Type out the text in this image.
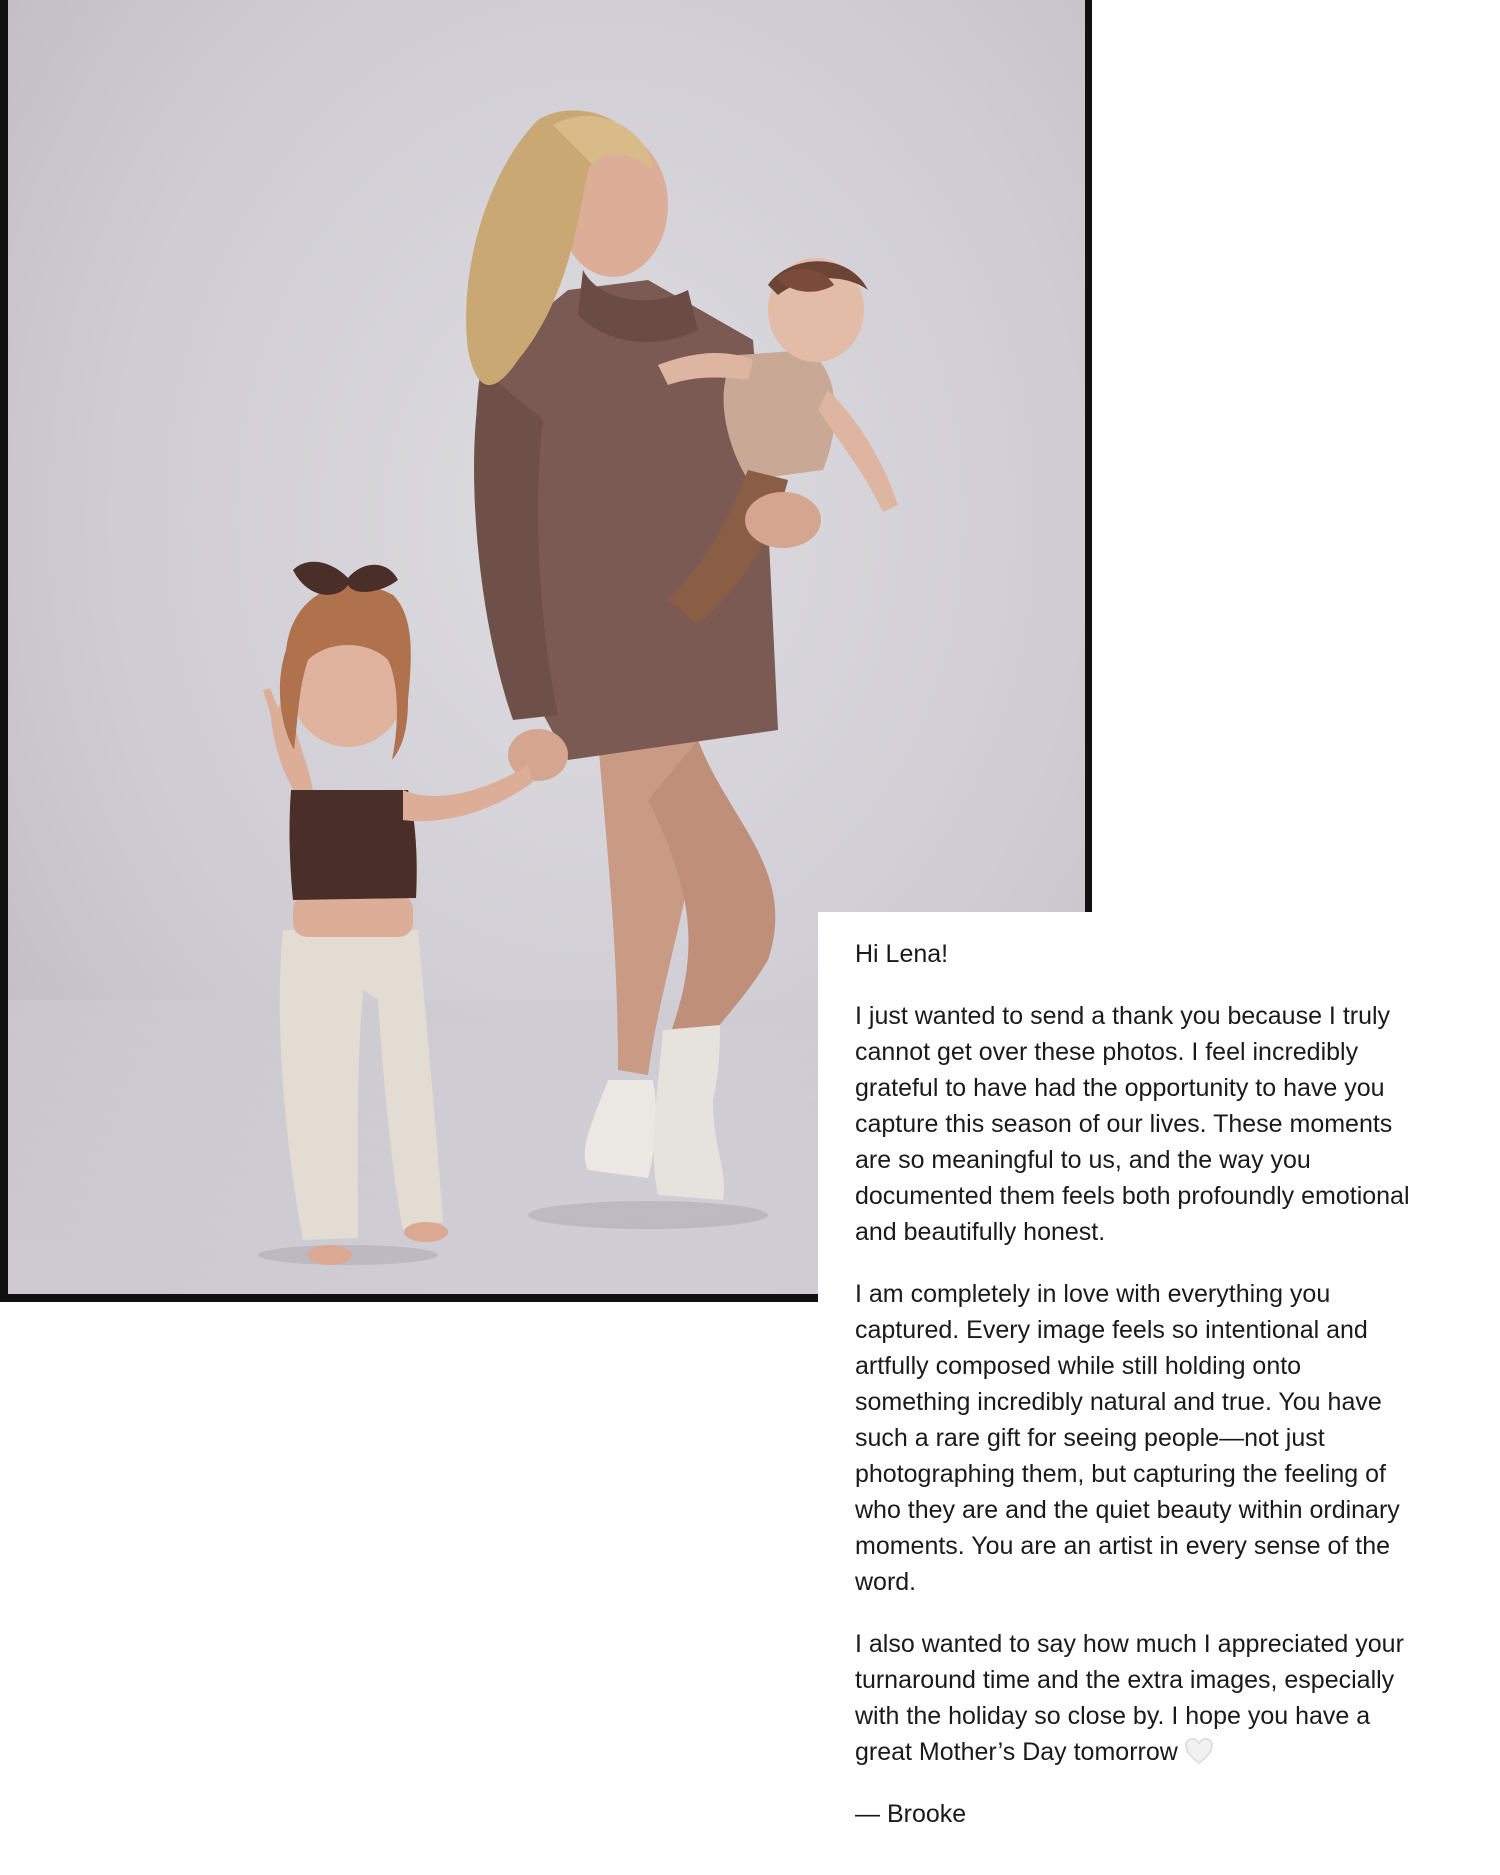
Hi Lena!

I just wanted to send a thank you because I truly cannot get over these photos. I feel incredibly grateful to have had the opportunity to have you capture this season of our lives. These moments are so meaningful to us, and the way you documented them feels both profoundly emotional and beautifully honest.

I am completely in love with everything you captured. Every image feels so intentional and artfully composed while still holding onto something incredibly natural and true. You have such a rare gift for seeing people—not just photographing them, but capturing the feeling of who they are and the quiet beauty within ordinary moments. You are an artist in every sense of the word.

I also wanted to say how much I appreciated your turnaround time and the extra images, especially with the holiday so close by. I hope you have a great Mother’s Day tomorrow

— Brooke
